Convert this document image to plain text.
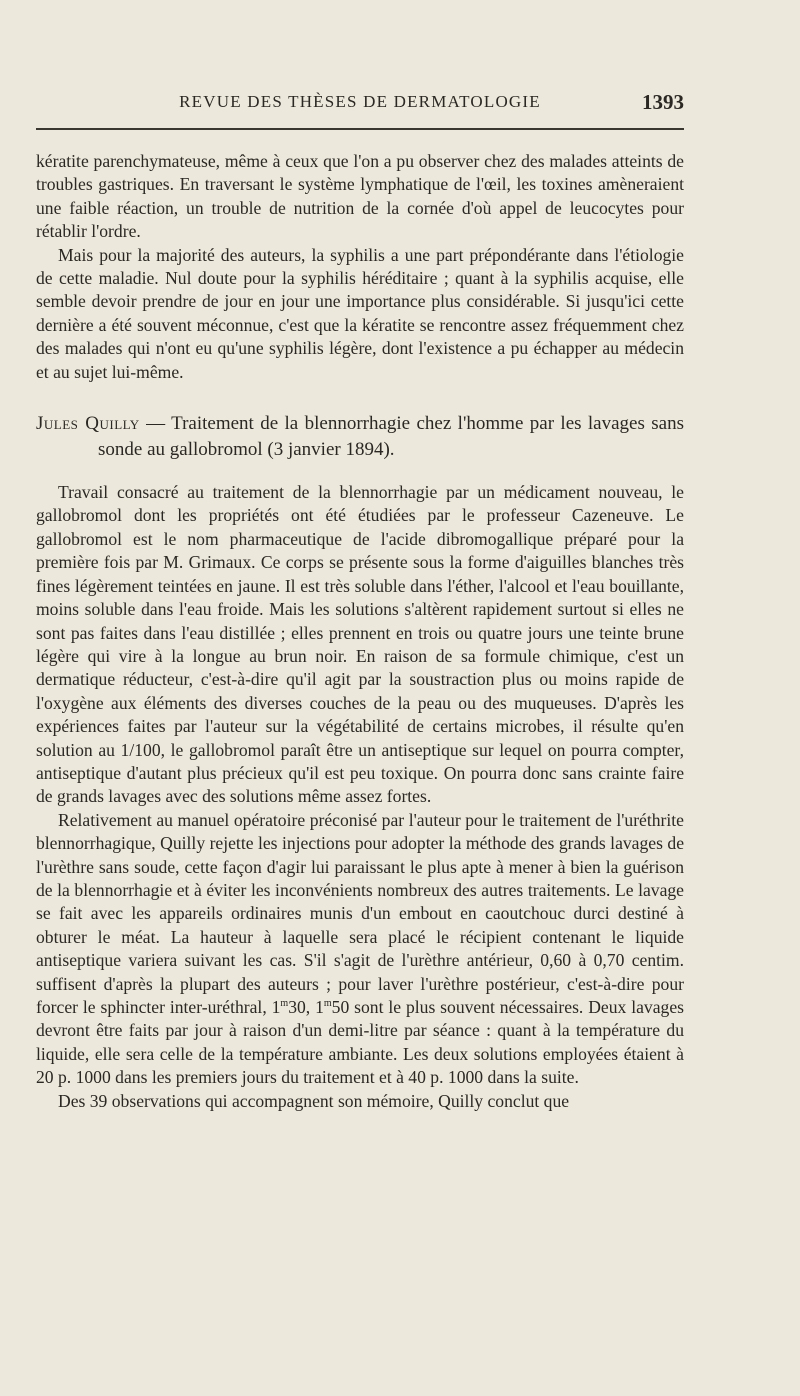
REVUE DES THÈSES DE DERMATOLOGIE	1393

kératite parenchymateuse, même à ceux que l'on a pu observer chez des malades atteints de troubles gastriques. En traversant le système lymphatique de l'œil, les toxines amèneraient une faible réaction, un trouble de nutrition de la cornée d'où appel de leucocytes pour rétablir l'ordre.

Mais pour la majorité des auteurs, la syphilis a une part prépondérante dans l'étiologie de cette maladie. Nul doute pour la syphilis héréditaire ; quant à la syphilis acquise, elle semble devoir prendre de jour en jour une importance plus considérable. Si jusqu'ici cette dernière a été souvent méconnue, c'est que la kératite se rencontre assez fréquemment chez des malades qui n'ont eu qu'une syphilis légère, dont l'existence a pu échapper au médecin et au sujet lui-même.

Jules Quilly — Traitement de la blennorrhagie chez l'homme par les lavages sans sonde au gallobromol (3 janvier 1894).

Travail consacré au traitement de la blennorrhagie par un médicament nouveau, le gallobromol dont les propriétés ont été étudiées par le professeur Cazeneuve. Le gallobromol est le nom pharmaceutique de l'acide dibromogallique préparé pour la première fois par M. Grimaux. Ce corps se présente sous la forme d'aiguilles blanches très fines légèrement teintées en jaune. Il est très soluble dans l'éther, l'alcool et l'eau bouillante, moins soluble dans l'eau froide. Mais les solutions s'altèrent rapidement surtout si elles ne sont pas faites dans l'eau distillée ; elles prennent en trois ou quatre jours une teinte brune légère qui vire à la longue au brun noir. En raison de sa formule chimique, c'est un dermatique réducteur, c'est-à-dire qu'il agit par la soustraction plus ou moins rapide de l'oxygène aux éléments des diverses couches de la peau ou des muqueuses. D'après les expériences faites par l'auteur sur la végétabilité de certains microbes, il résulte qu'en solution au 1/100, le gallobromol paraît être un antiseptique sur lequel on pourra compter, antiseptique d'autant plus précieux qu'il est peu toxique. On pourra donc sans crainte faire de grands lavages avec des solutions même assez fortes.

Relativement au manuel opératoire préconisé par l'auteur pour le traitement de l'uréthrite blennorrhagique, Quilly rejette les injections pour adopter la méthode des grands lavages de l'urèthre sans soude, cette façon d'agir lui paraissant le plus apte à mener à bien la guérison de la blennorrhagie et à éviter les inconvénients nombreux des autres traitements. Le lavage se fait avec les appareils ordinaires munis d'un embout en caoutchouc durci destiné à obturer le méat. La hauteur à laquelle sera placé le récipient contenant le liquide antiseptique variera suivant les cas. S'il s'agit de l'urèthre antérieur, 0,60 à 0,70 centim. suffisent d'après la plupart des auteurs ; pour laver l'urèthre postérieur, c'est-à-dire pour forcer le sphincter inter-uréthral, 1$^m$30, 1$^m$50 sont le plus souvent nécessaires. Deux lavages devront être faits par jour à raison d'un demi-litre par séance : quant à la température du liquide, elle sera celle de la température ambiante. Les deux solutions employées étaient à 20 p. 1000 dans les premiers jours du traitement et à 40 p. 1000 dans la suite.

Des 39 observations qui accompagnent son mémoire, Quilly conclut que
